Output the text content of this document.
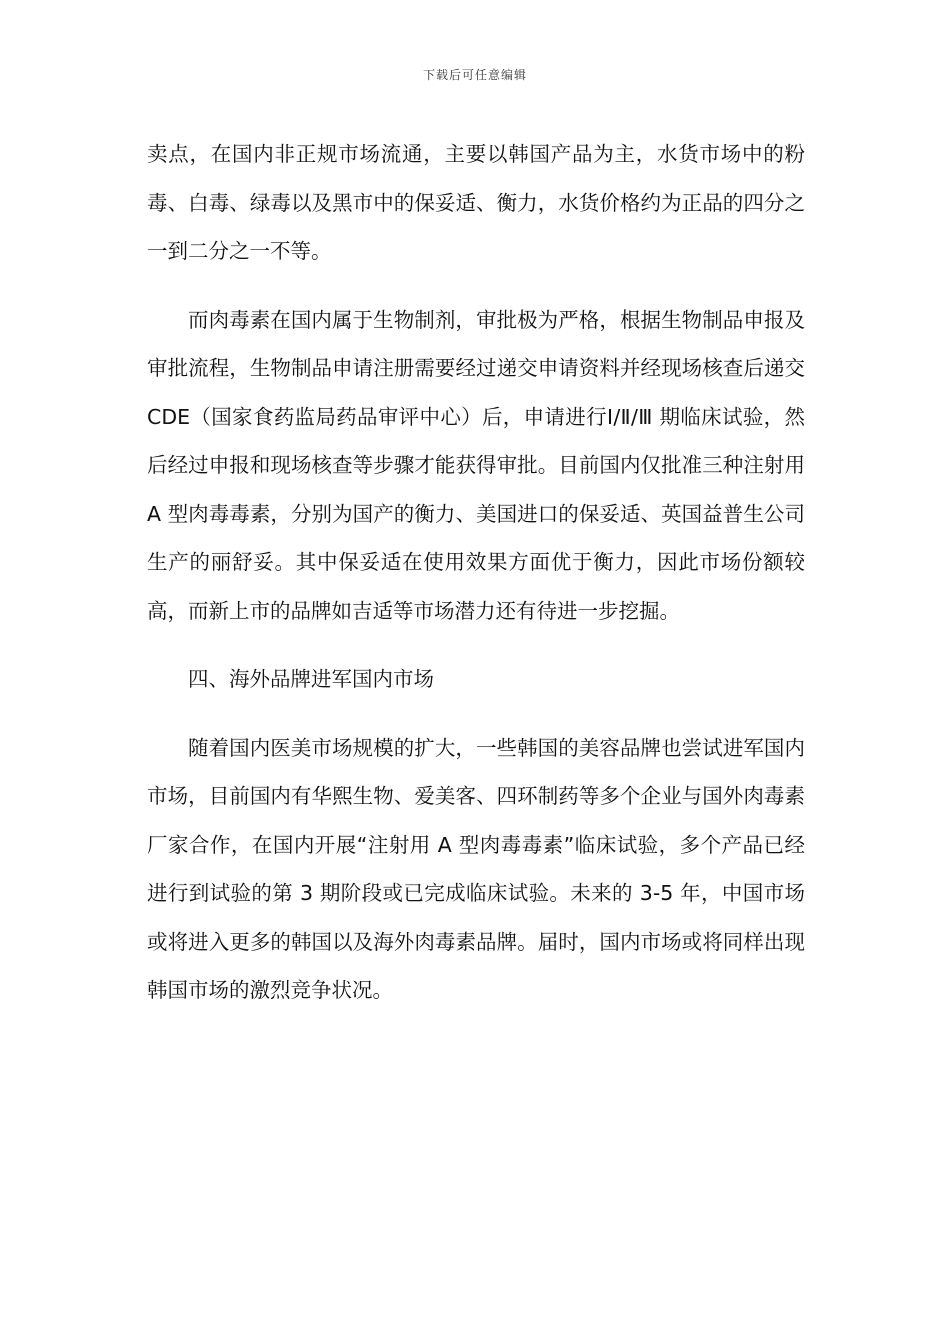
下载后可任意编辑

卖点，在国内非正规市场流通，主要以韩国产品为主，水货市场中的粉毒、白毒、绿毒以及黑市中的保妥适、衡力，水货价格约为正品的四分之一到二分之一不等。

而肉毒素在国内属于生物制剂，审批极为严格，根据生物制品申报及审批流程，生物制品申请注册需要经过递交申请资料并经现场核查后递交 CDE（国家食药监局药品审评中心）后，申请进行Ⅰ/Ⅱ/Ⅲ 期临床试验，然后经过申报和现场核查等步骤才能获得审批。目前国内仅批准三种注射用 A 型肉毒毒素，分别为国产的衡力、美国进口的保妥适、英国益普生公司生产的丽舒妥。其中保妥适在使用效果方面优于衡力，因此市场份额较高，而新上市的品牌如吉适等市场潜力还有待进一步挖掘。

四、海外品牌进军国内市场

随着国内医美市场规模的扩大，一些韩国的美容品牌也尝试进军国内市场，目前国内有华熙生物、爱美客、四环制药等多个企业与国外肉毒素厂家合作，在国内开展“注射用 A 型肉毒毒素”临床试验，多个产品已经进行到试验的第 3 期阶段或已完成临床试验。未来的 3-5 年，中国市场或将进入更多的韩国以及海外肉毒素品牌。届时，国内市场或将同样出现韩国市场的激烈竞争状况。
